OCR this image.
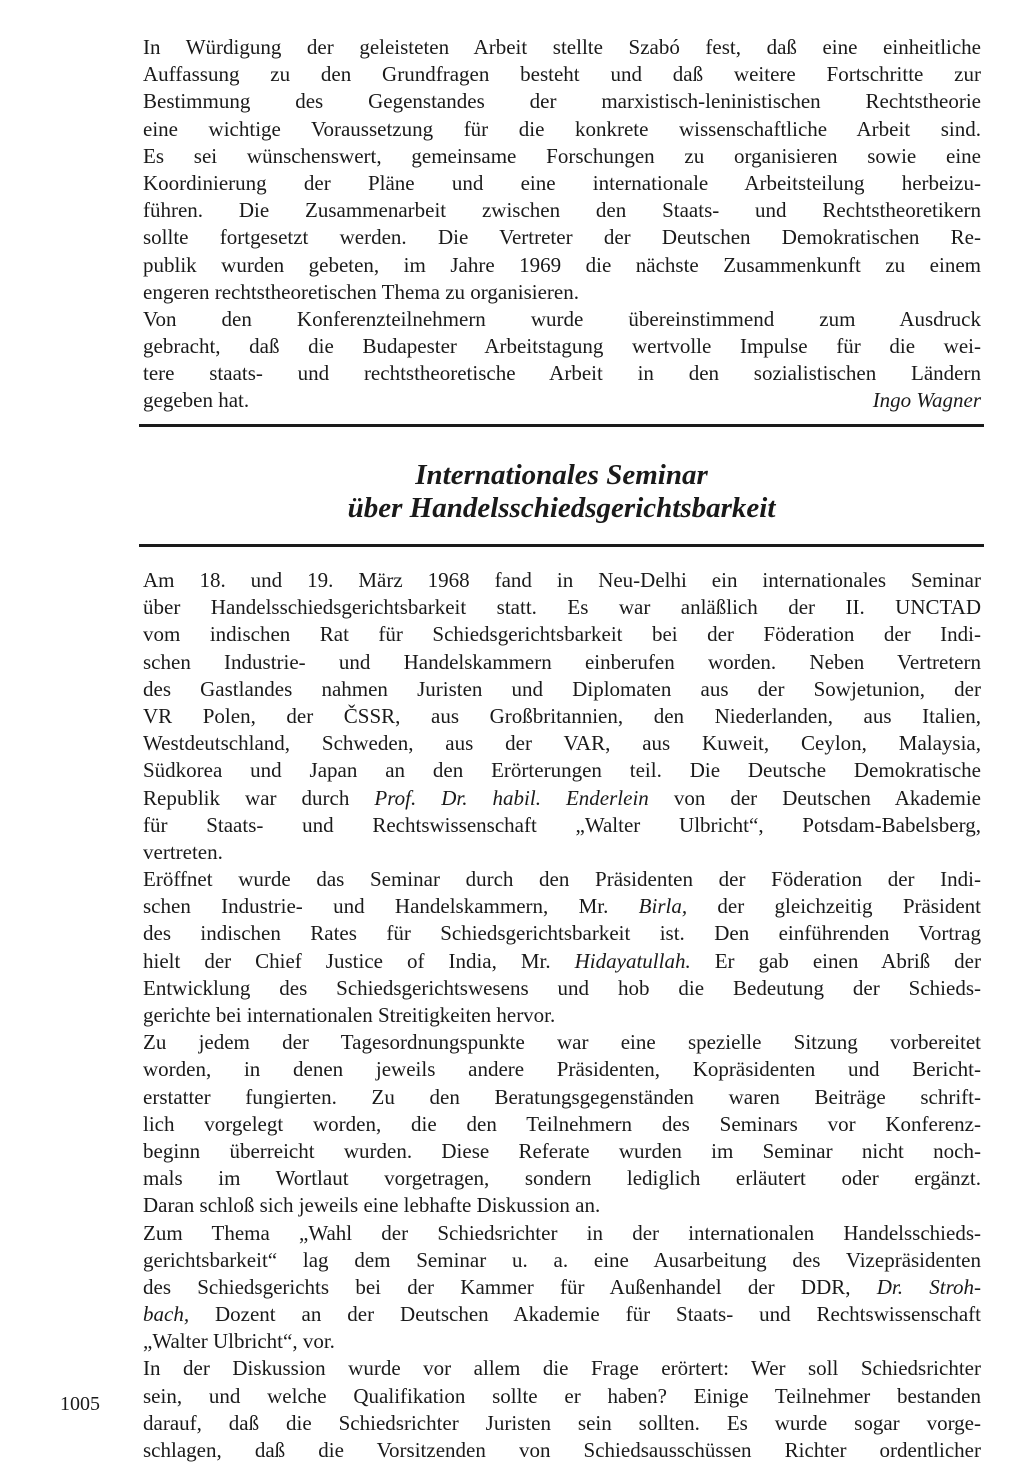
In Würdigung der geleisteten Arbeit stellte Szabó fest, daß eine einheitliche
Auffassung zu den Grundfragen besteht und daß weitere Fortschritte zur
Bestimmung des Gegenstandes der marxistisch-leninistischen Rechtstheorie
eine wichtige Voraussetzung für die konkrete wissenschaftliche Arbeit sind.
Es sei wünschenswert, gemeinsame Forschungen zu organisieren sowie eine
Koordinierung der Pläne und eine internationale Arbeitsteilung herbeizu-
führen. Die Zusammenarbeit zwischen den Staats- und Rechtstheoretikern
sollte fortgesetzt werden. Die Vertreter der Deutschen Demokratischen Re-
publik wurden gebeten, im Jahre 1969 die nächste Zusammenkunft zu einem
engeren rechtstheoretischen Thema zu organisieren.
Von den Konferenzteilnehmern wurde übereinstimmend zum Ausdruck
gebracht, daß die Budapester Arbeitstagung wertvolle Impulse für die wei-
tere staats- und rechtstheoretische Arbeit in den sozialistischen Ländern
gegeben hat.	Ingo Wagner
Internationales Seminar
über Handelsschiedsgerichtsbarkeit
Am 18. und 19. März 1968 fand in Neu-Delhi ein internationales Seminar
über Handelsschiedsgerichtsbarkeit statt. Es war anläßlich der II. UNCTAD
vom indischen Rat für Schiedsgerichtsbarkeit bei der Föderation der Indi-
schen Industrie- und Handelskammern einberufen worden. Neben Vertretern
des Gastlandes nahmen Juristen und Diplomaten aus der Sowjetunion, der
VR Polen, der ČSSR, aus Großbritannien, den Niederlanden, aus Italien,
Westdeutschland, Schweden, aus der VAR, aus Kuweit, Ceylon, Malaysia,
Südkorea und Japan an den Erörterungen teil. Die Deutsche Demokratische
Republik war durch Prof. Dr. habil. Enderlein von der Deutschen Akademie
für Staats- und Rechtswissenschaft „Walter Ulbricht“, Potsdam-Babelsberg,
vertreten.
Eröffnet wurde das Seminar durch den Präsidenten der Föderation der Indi-
schen Industrie- und Handelskammern, Mr. Birla, der gleichzeitig Präsident
des indischen Rates für Schiedsgerichtsbarkeit ist. Den einführenden Vortrag
hielt der Chief Justice of India, Mr. Hidayatullah. Er gab einen Abriß der
Entwicklung des Schiedsgerichtswesens und hob die Bedeutung der Schieds-
gerichte bei internationalen Streitigkeiten hervor.
Zu jedem der Tagesordnungspunkte war eine spezielle Sitzung vorbereitet
worden, in denen jeweils andere Präsidenten, Kopräsidenten und Bericht-
erstatter fungierten. Zu den Beratungsgegenständen waren Beiträge schrift-
lich vorgelegt worden, die den Teilnehmern des Seminars vor Konferenz-
beginn überreicht wurden. Diese Referate wurden im Seminar nicht noch-
mals im Wortlaut vorgetragen, sondern lediglich erläutert oder ergänzt.
Daran schloß sich jeweils eine lebhafte Diskussion an.
Zum Thema „Wahl der Schiedsrichter in der internationalen Handelsschieds-
gerichtsbarkeit“ lag dem Seminar u. a. eine Ausarbeitung des Vizepräsidenten
des Schiedsgerichts bei der Kammer für Außenhandel der DDR, Dr. Stroh-
bach, Dozent an der Deutschen Akademie für Staats- und Rechtswissenschaft
„Walter Ulbricht“, vor.
In der Diskussion wurde vor allem die Frage erörtert: Wer soll Schiedsrichter
sein, und welche Qualifikation sollte er haben? Einige Teilnehmer bestanden
darauf, daß die Schiedsrichter Juristen sein sollten. Es wurde sogar vorge-
schlagen, daß die Vorsitzenden von Schiedsausschüssen Richter ordentlicher
1005
